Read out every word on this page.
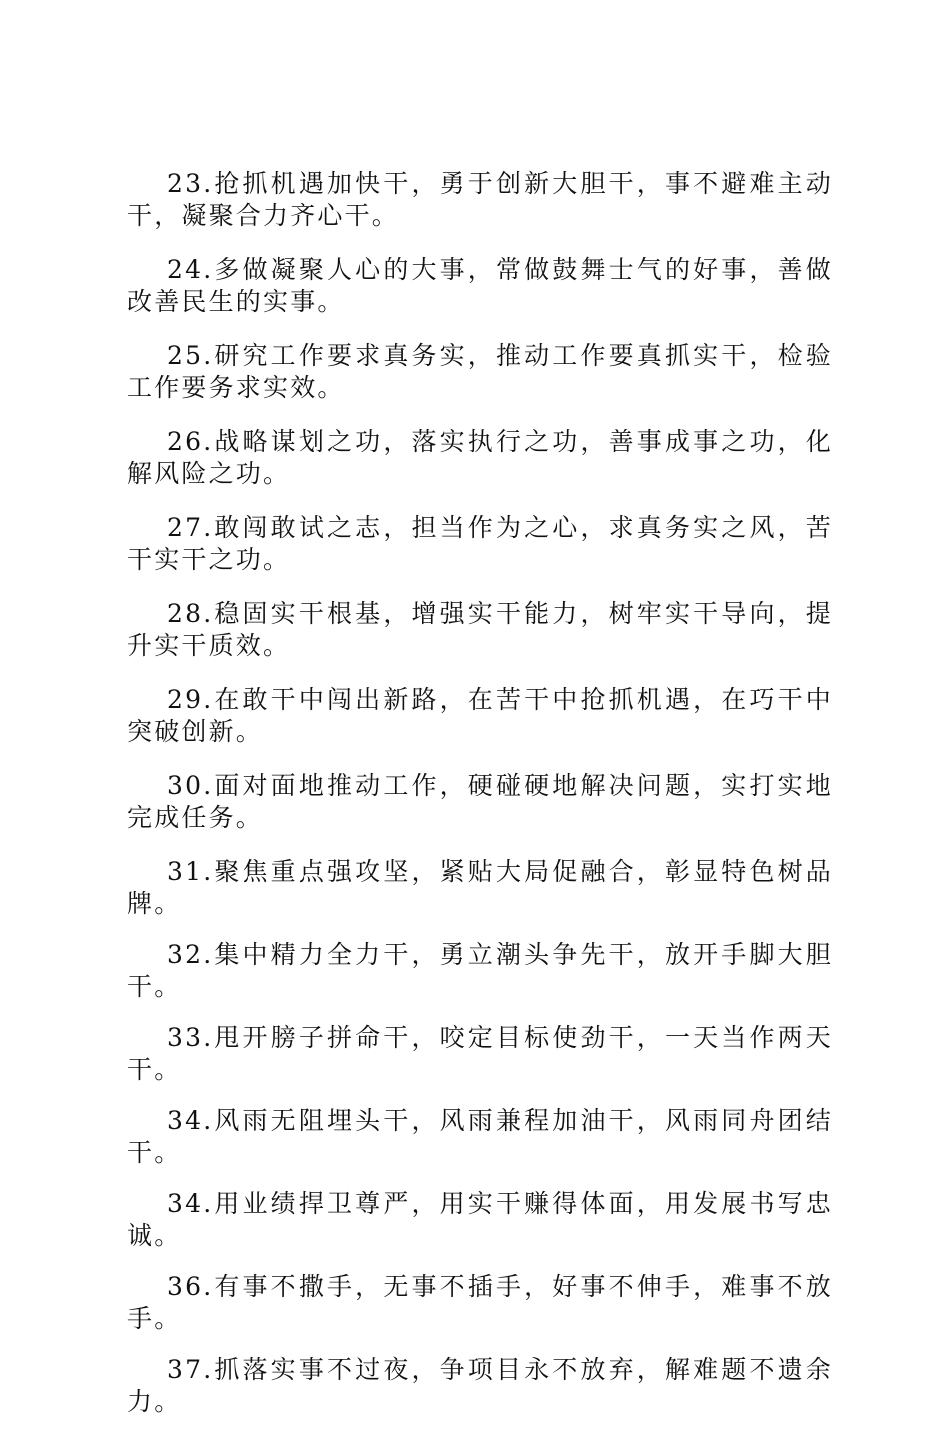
23.抢抓机遇加快干，勇于创新大胆干，事不避难主动干，凝聚合力齐心干。

24.多做凝聚人心的大事，常做鼓舞士气的好事，善做改善民生的实事。

25.研究工作要求真务实，推动工作要真抓实干，检验工作要务求实效。

26.战略谋划之功，落实执行之功，善事成事之功，化解风险之功。

27.敢闯敢试之志，担当作为之心，求真务实之风，苦干实干之功。

28.稳固实干根基，增强实干能力，树牢实干导向，提升实干质效。

29.在敢干中闯出新路，在苦干中抢抓机遇，在巧干中突破创新。

30.面对面地推动工作，硬碰硬地解决问题，实打实地完成任务。

31.聚焦重点强攻坚，紧贴大局促融合，彰显特色树品牌。

32.集中精力全力干，勇立潮头争先干，放开手脚大胆干。

33.甩开膀子拼命干，咬定目标使劲干，一天当作两天干。

34.风雨无阻埋头干，风雨兼程加油干，风雨同舟团结干。

34.用业绩捍卫尊严，用实干赚得体面，用发展书写忠诚。

36.有事不撒手，无事不插手，好事不伸手，难事不放手。

37.抓落实事不过夜，争项目永不放弃，解难题不遗余力。
